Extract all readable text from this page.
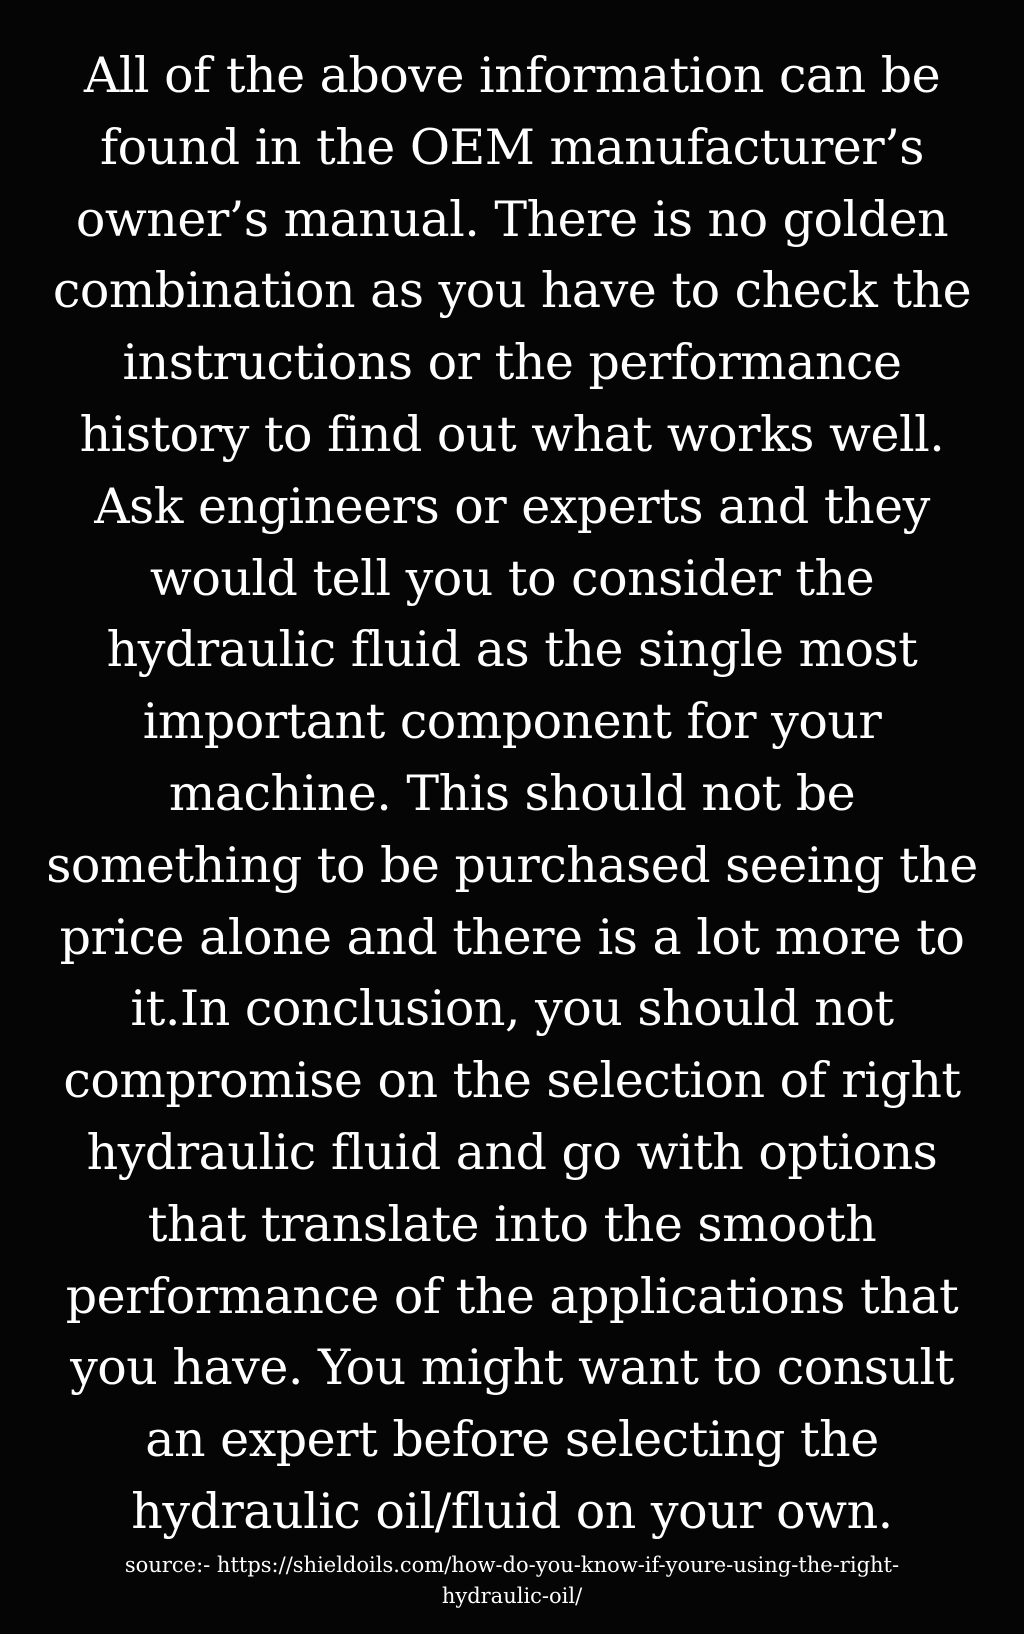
All of the above information can be
found in the OEM manufacturer’s
owner’s manual. There is no golden
combination as you have to check the
instructions or the performance
history to find out what works well.
Ask engineers or experts and they
would tell you to consider the
hydraulic fluid as the single most
important component for your
machine. This should not be
something to be purchased seeing the
price alone and there is a lot more to
it.In conclusion, you should not
compromise on the selection of right
hydraulic fluid and go with options
that translate into the smooth
performance of the applications that
you have. You might want to consult
an expert before selecting the
hydraulic oil/fluid on your own.

source:- https://shieldoils.com/how-do-you-know-if-youre-using-the-right-
hydraulic-oil/
